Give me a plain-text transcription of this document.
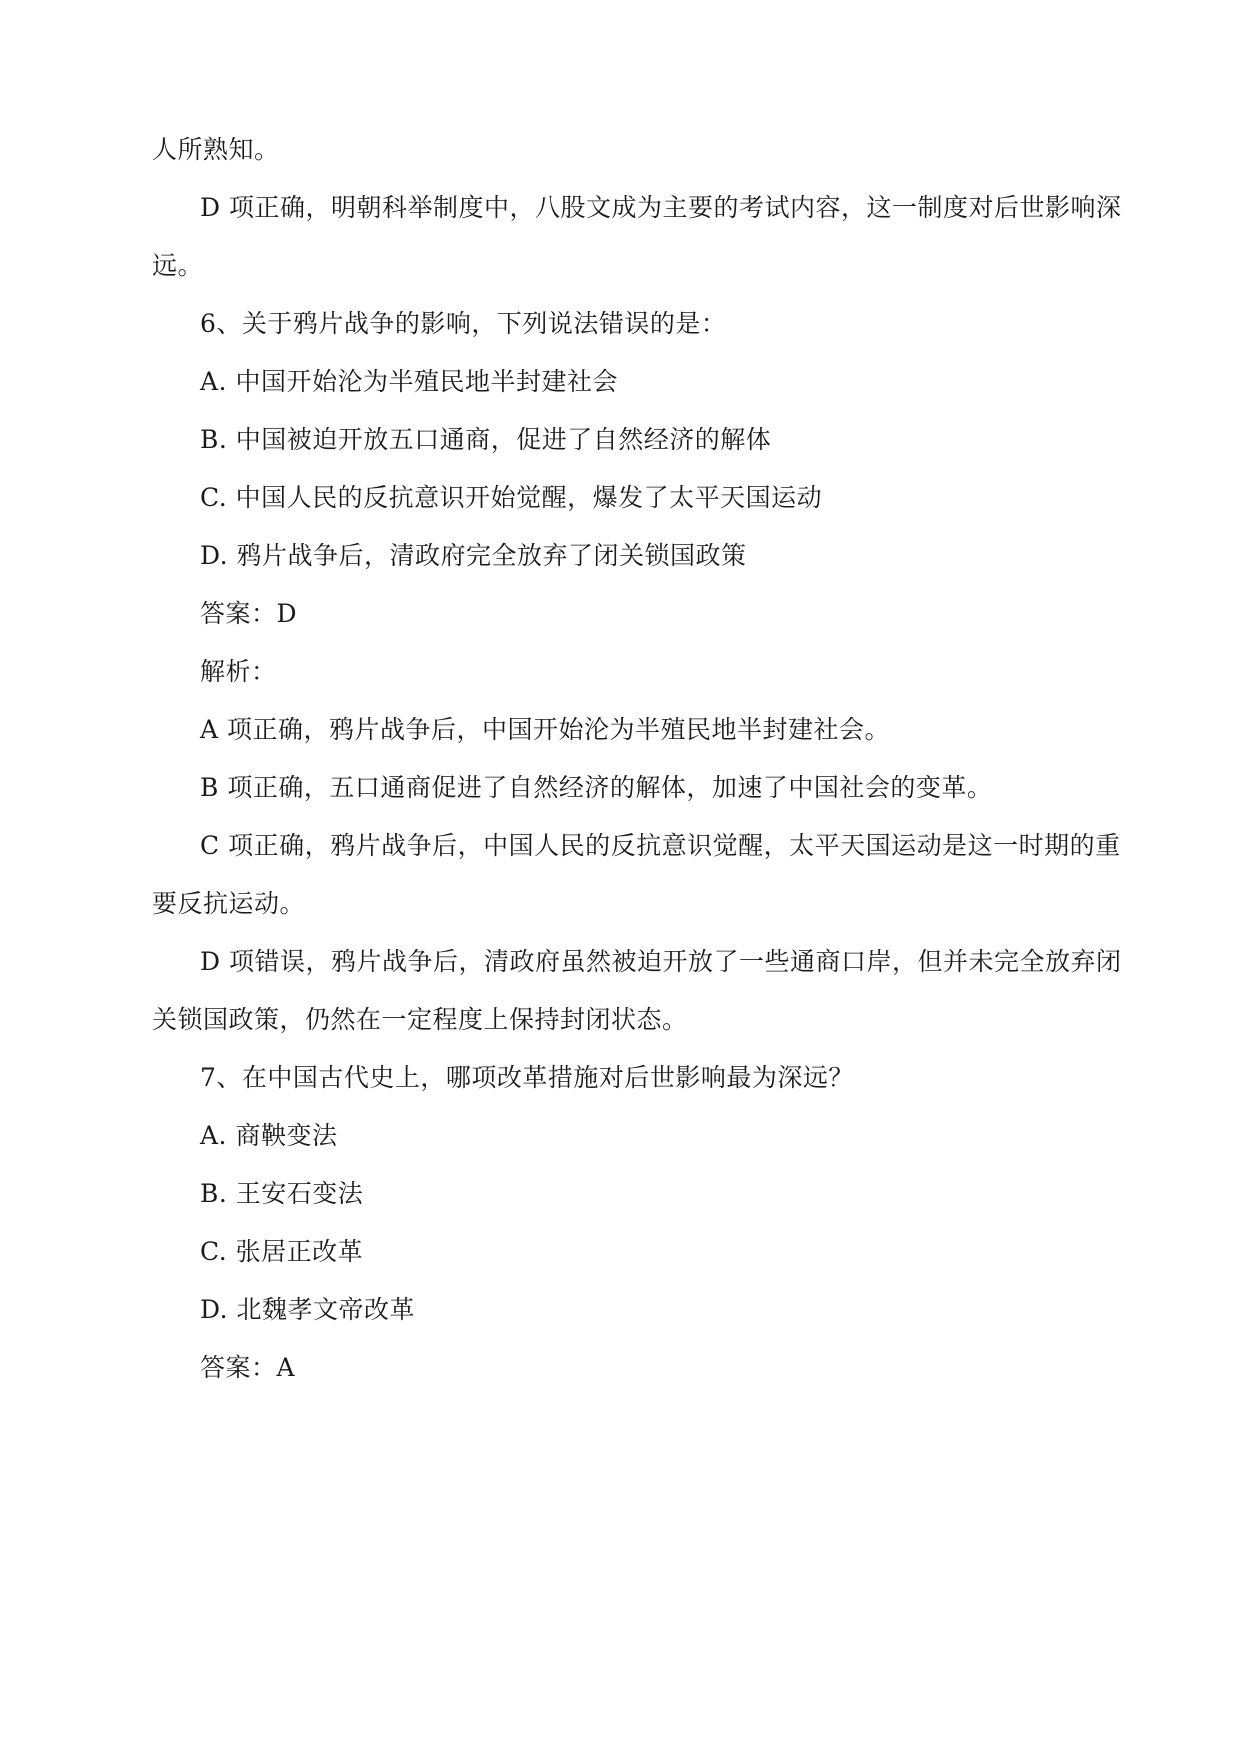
人所熟知。

D 项正确，明朝科举制度中，八股文成为主要的考试内容，这一制度对后世影响深

远。

6、关于鸦片战争的影响，下列说法错误的是：

A. 中国开始沦为半殖民地半封建社会

B. 中国被迫开放五口通商，促进了自然经济的解体

C. 中国人民的反抗意识开始觉醒，爆发了太平天国运动

D. 鸦片战争后，清政府完全放弃了闭关锁国政策

答案：D

解析：

A 项正确，鸦片战争后，中国开始沦为半殖民地半封建社会。

B 项正确，五口通商促进了自然经济的解体，加速了中国社会的变革。

C 项正确，鸦片战争后，中国人民的反抗意识觉醒，太平天国运动是这一时期的重

要反抗运动。

D 项错误，鸦片战争后，清政府虽然被迫开放了一些通商口岸，但并未完全放弃闭

关锁国政策，仍然在一定程度上保持封闭状态。

7、在中国古代史上，哪项改革措施对后世影响最为深远？

A. 商鞅变法

B. 王安石变法

C. 张居正改革

D. 北魏孝文帝改革

答案：A
